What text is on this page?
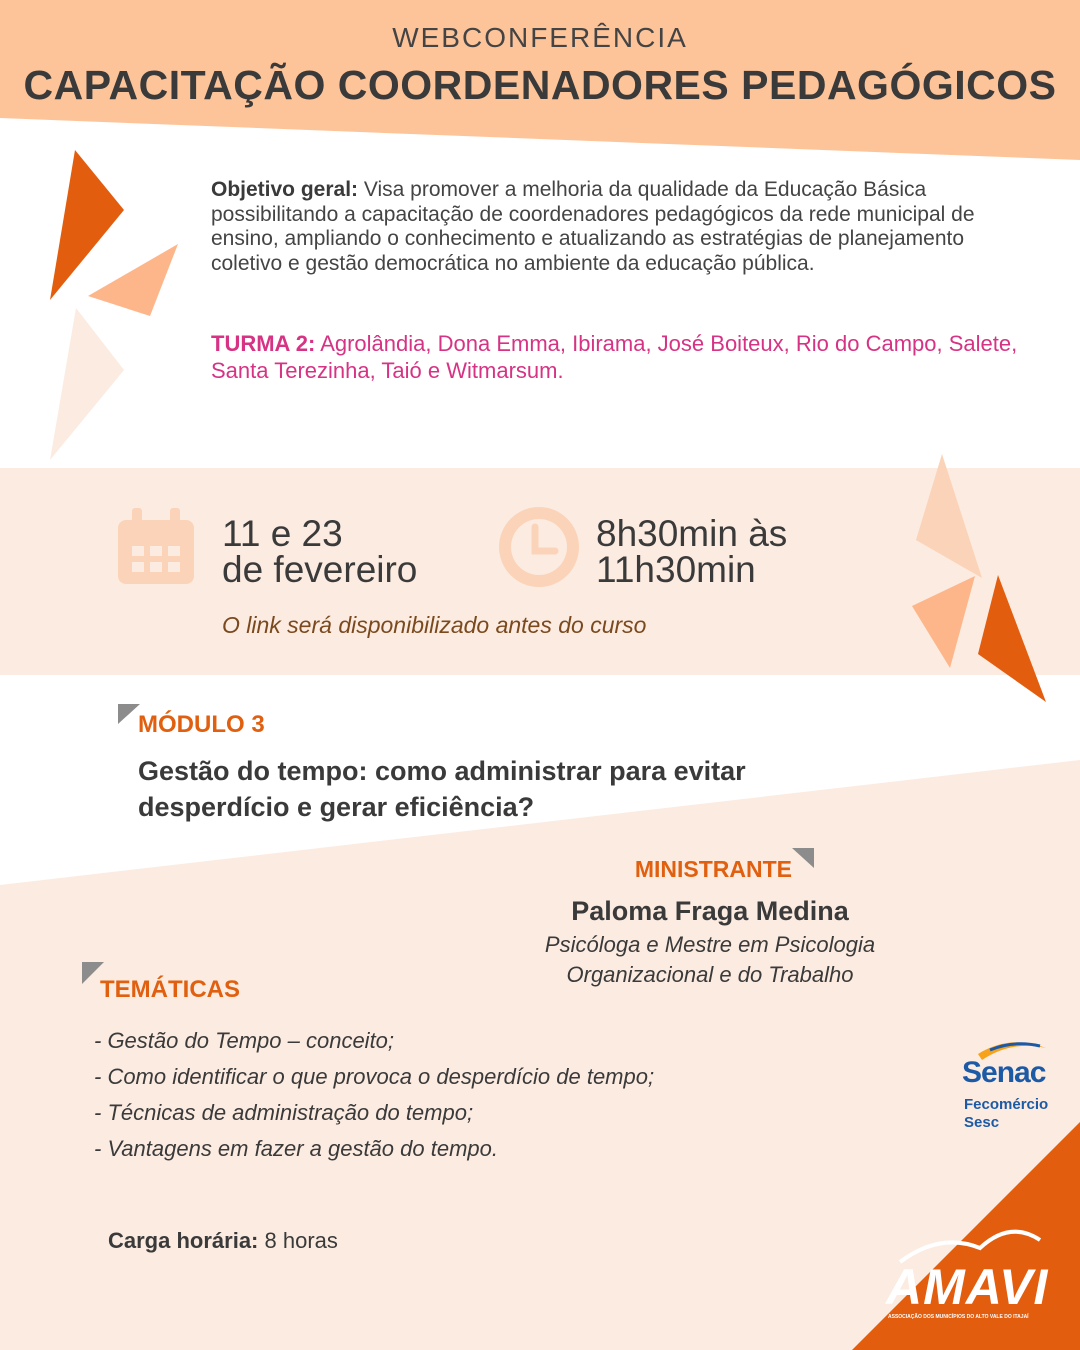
WEBCONFERÊNCIA
CAPACITAÇÃO COORDENADORES PEDAGÓGICOS
Objetivo geral: Visa promover a melhoria da qualidade da Educação Básica possibilitando a capacitação de coordenadores pedagógicos da rede municipal de ensino, ampliando o conhecimento e atualizando as estratégias de planejamento coletivo e gestão democrática no ambiente da educação pública.
TURMA 2: Agrolândia, Dona Emma, Ibirama, José Boiteux, Rio do Campo, Salete, Santa Terezinha, Taió e Witmarsum.
11 e 23
de fevereiro
8h30min às
11h30min
O link será disponibilizado antes do curso
MÓDULO 3
Gestão do tempo: como administrar para evitar
desperdício e gerar eficiência?
MINISTRANTE
Paloma Fraga Medina
Psicóloga e Mestre em Psicologia
Organizacional e do Trabalho
TEMÁTICAS
- Gestão do Tempo – conceito;
- Como identificar o que provoca o desperdício de tempo;
- Técnicas de administração do tempo;
- Vantagens em fazer a gestão do tempo.
Carga horária: 8 horas
Senac
Fecomércio
Sesc
AMAVI
ASSOCIAÇÃO DOS MUNICÍPIOS DO ALTO VALE DO ITAJAÍ
